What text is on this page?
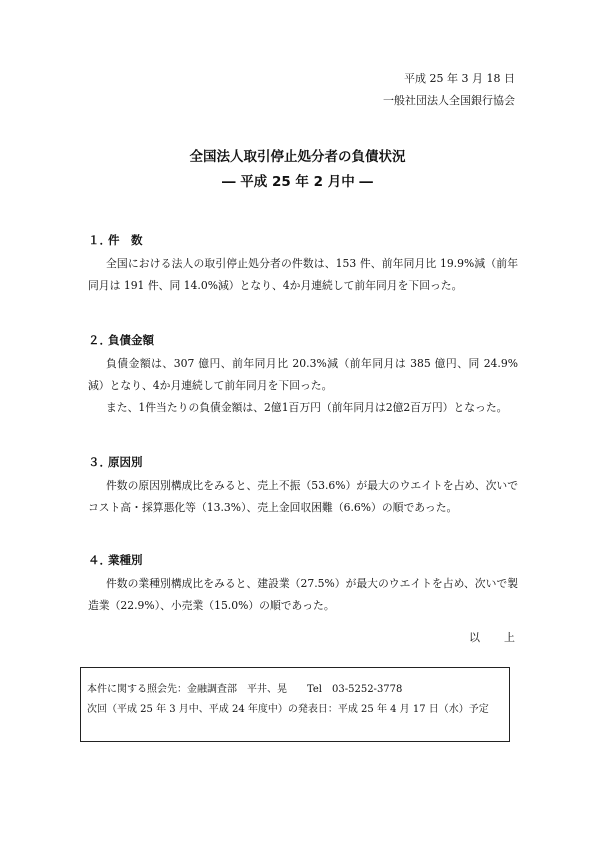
平成 25 年 3 月 18 日
一般社団法人全国銀行協会
全国法人取引停止処分者の負債状況
― 平成 25 年 2 月中 ―
１．件　数

全国における法人の取引停止処分者の件数は、153 件、前年同月比 19.9%減（前年同月は 191 件、同 14.0%減）となり、4か月連続して前年同月を下回った。

２．負債金額

負債金額は、307 億円、前年同月比 20.3%減（前年同月は 385 億円、同 24.9%減）となり、4か月連続して前年同月を下回った。

また、1件当たりの負債金額は、2億1百万円（前年同月は2億2百万円）となった。

３．原因別

件数の原因別構成比をみると、売上不振（53.6%）が最大のウエイトを占め、次いでコスト高・採算悪化等（13.3%）、売上金回収困難（6.6%）の順であった。

４．業種別

件数の業種別構成比をみると、建設業（27.5%）が最大のウエイトを占め、次いで製造業（22.9%）、小売業（15.0%）の順であった。

以上
本件に関する照会先：金融調査部　平井、晃　　Tel　03-5252-3778
次回（平成 25 年 3 月中、平成 24 年度中）の発表日：平成 25 年 4 月 17 日（水）予定
